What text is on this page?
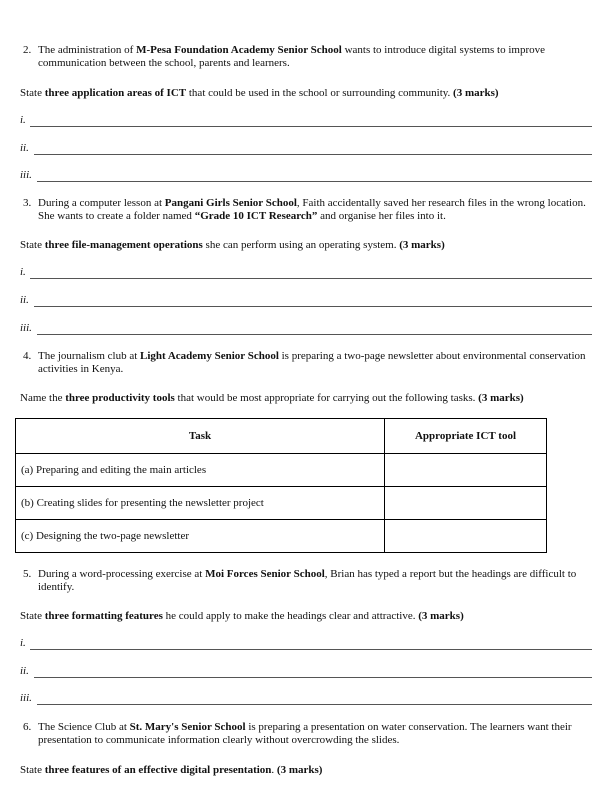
2. The administration of M-Pesa Foundation Academy Senior School wants to introduce digital systems to improve communication between the school, parents and learners.
State three application areas of ICT that could be used in the school or surrounding community. (3 marks)
i.
ii.
iii.
3. During a computer lesson at Pangani Girls Senior School, Faith accidentally saved her research files in the wrong location. She wants to create a folder named “Grade 10 ICT Research” and organise her files into it.
State three file-management operations she can perform using an operating system. (3 marks)
i.
ii.
iii.
4. The journalism club at Light Academy Senior School is preparing a two-page newsletter about environmental conservation activities in Kenya.
Name the three productivity tools that would be most appropriate for carrying out the following tasks. (3 marks)
Task	Appropriate ICT tool
(a) Preparing and editing the main articles	
(b) Creating slides for presenting the newsletter project	
(c) Designing the two-page newsletter	
5. During a word-processing exercise at Moi Forces Senior School, Brian has typed a report but the headings are difficult to identify.
State three formatting features he could apply to make the headings clear and attractive. (3 marks)
i.
ii.
iii.
6. The Science Club at St. Mary's Senior School is preparing a presentation on water conservation. The learners want their presentation to communicate information clearly without overcrowding the slides.
State three features of an effective digital presentation. (3 marks)
